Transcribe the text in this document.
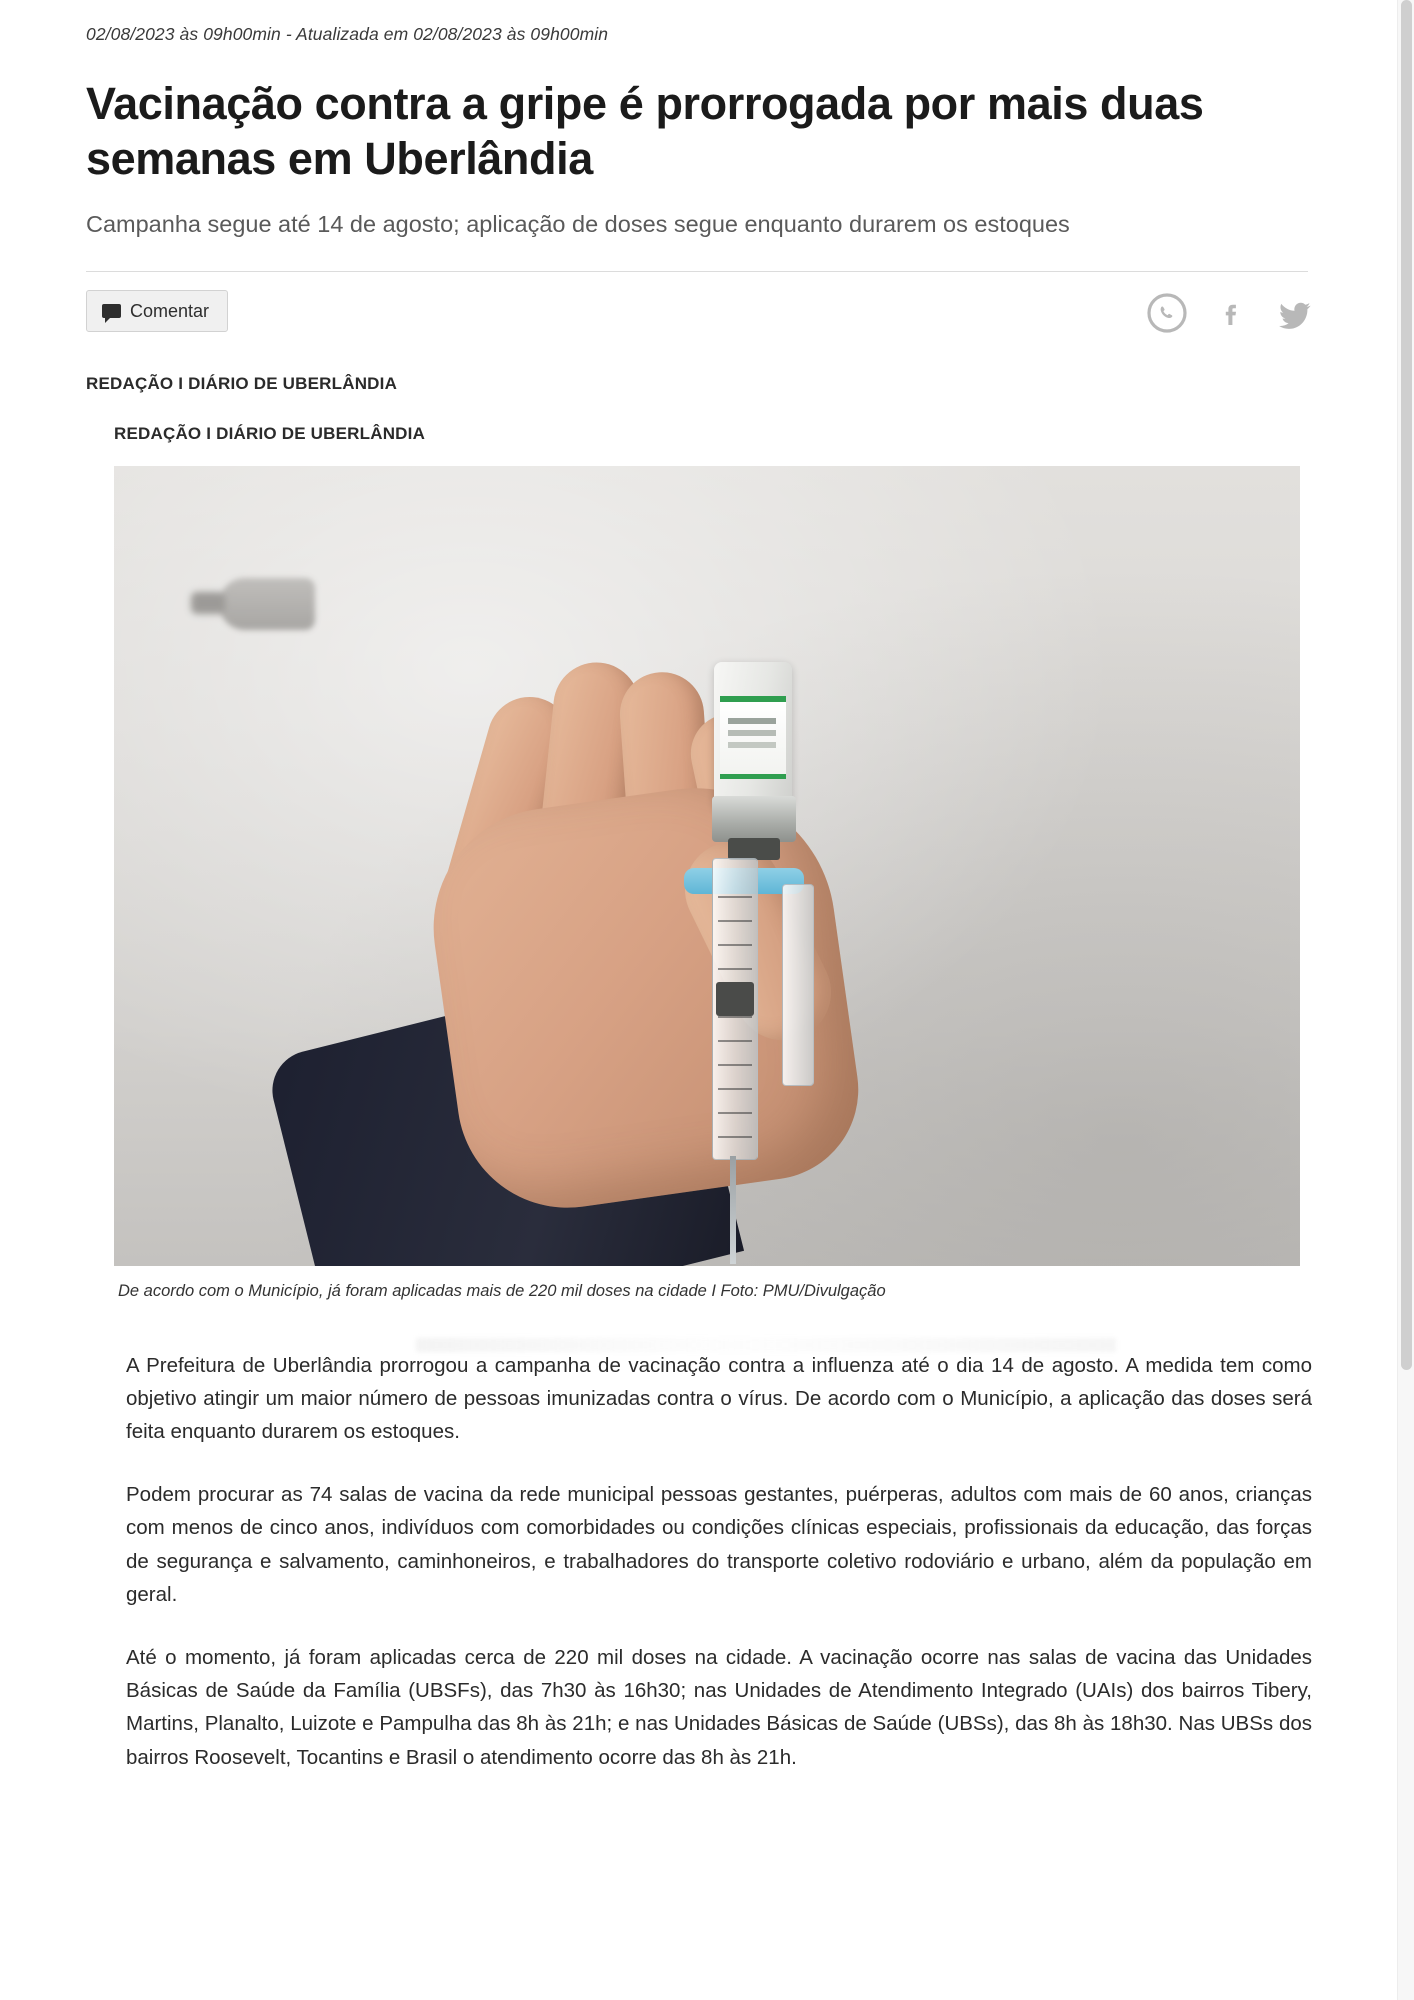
02/08/2023 às 09h00min - Atualizada em 02/08/2023 às 09h00min
Vacinação contra a gripe é prorrogada por mais duas semanas em Uberlândia
Campanha segue até 14 de agosto; aplicação de doses segue enquanto durarem os estoques
Comentar
REDAÇÃO I DIÁRIO DE UBERLÂNDIA
REDAÇÃO I DIÁRIO DE UBERLÂNDIA
De acordo com o Município, já foram aplicadas mais de 220 mil doses na cidade I Foto: PMU/Divulgação

A Prefeitura de Uberlândia prorrogou a campanha de vacinação contra a influenza até o dia 14 de agosto. A medida tem como objetivo atingir um maior número de pessoas imunizadas contra o vírus. De acordo com o Município, a aplicação das doses será feita enquanto durarem os estoques.

Podem procurar as 74 salas de vacina da rede municipal pessoas gestantes, puérperas, adultos com mais de 60 anos, crianças com menos de cinco anos, indivíduos com comorbidades ou condições clínicas especiais, profissionais da educação, das forças de segurança e salvamento, caminhoneiros, e trabalhadores do transporte coletivo rodoviário e urbano, além da população em geral.

Até o momento, já foram aplicadas cerca de 220 mil doses na cidade. A vacinação ocorre nas salas de vacina das Unidades Básicas de Saúde da Família (UBSFs), das 7h30 às 16h30; nas Unidades de Atendimento Integrado (UAIs) dos bairros Tibery, Martins, Planalto, Luizote e Pampulha das 8h às 21h; e nas Unidades Básicas de Saúde (UBSs), das 8h às 18h30. Nas UBSs dos bairros Roosevelt, Tocantins e Brasil o atendimento ocorre das 8h às 21h.
